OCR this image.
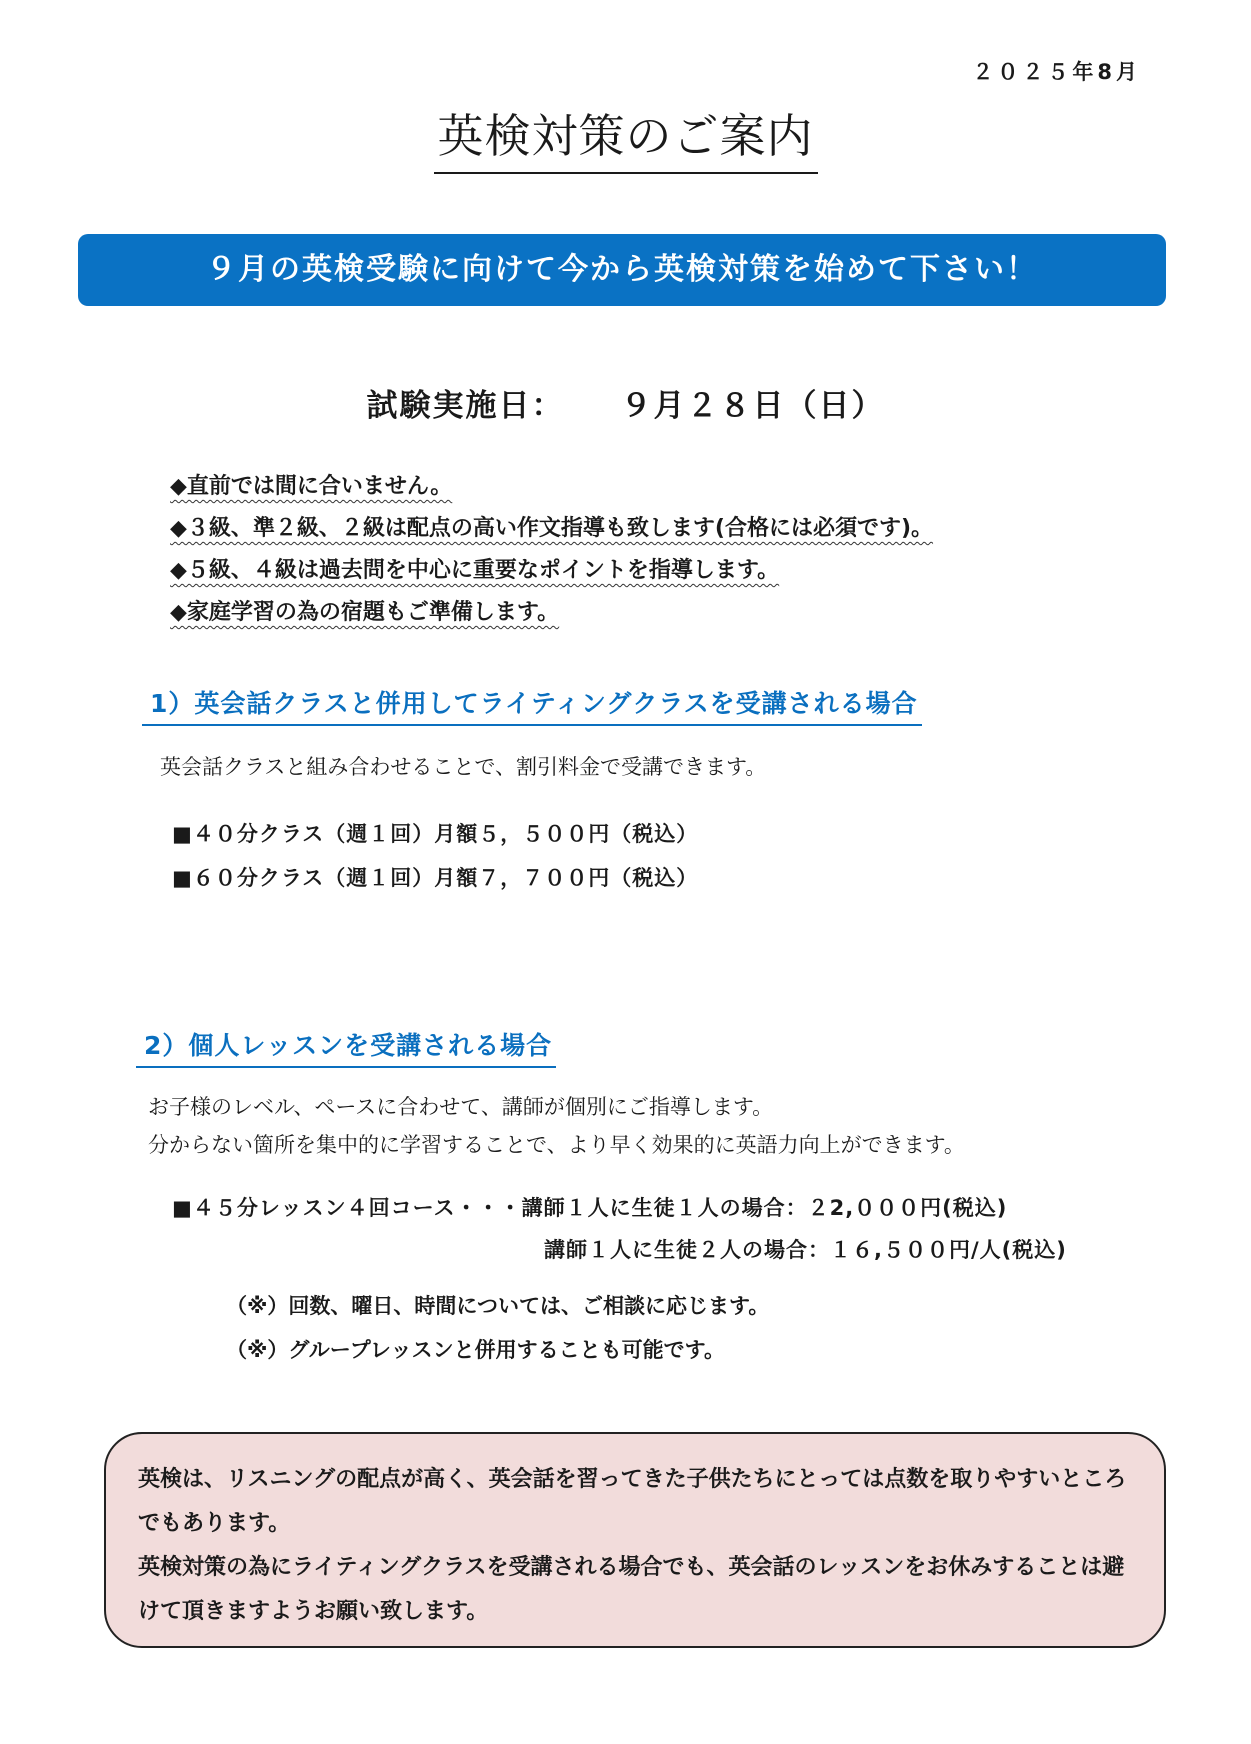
２０２５年8月
英検対策のご案内
９月の英検受験に向けて今から英検対策を始めて下さい！
試験実施日： ９月２８日（日）
◆直前では間に合いません。
◆３級、準２級、２級は配点の高い作文指導も致します(合格には必須です)。
◆５級、４級は過去問を中心に重要なポイントを指導します。
◆家庭学習の為の宿題もご準備します。
1）英会話クラスと併用してライティングクラスを受講される場合
英会話クラスと組み合わせることで、割引料金で受講できます。
■４０分クラス（週１回）月額５，５００円（税込）
■６０分クラス（週１回）月額７，７００円（税込）
2）個人レッスンを受講される場合
お子様のレベル、ペースに合わせて、講師が個別にご指導します。
分からない箇所を集中的に学習することで、より早く効果的に英語力向上ができます。
■４５分レッスン４回コース・・・講師１人に生徒１人の場合：２2,０００円(税込)
講師１人に生徒２人の場合：１６,５００円/人(税込)
（※）回数、曜日、時間については、ご相談に応じます。
（※）グループレッスンと併用することも可能です。

英検は、リスニングの配点が高く、英会話を習ってきた子供たちにとっては点数を取りやすいところでもあります。

英検対策の為にライティングクラスを受講される場合でも、英会話のレッスンをお休みすることは避けて頂きますようお願い致します。
